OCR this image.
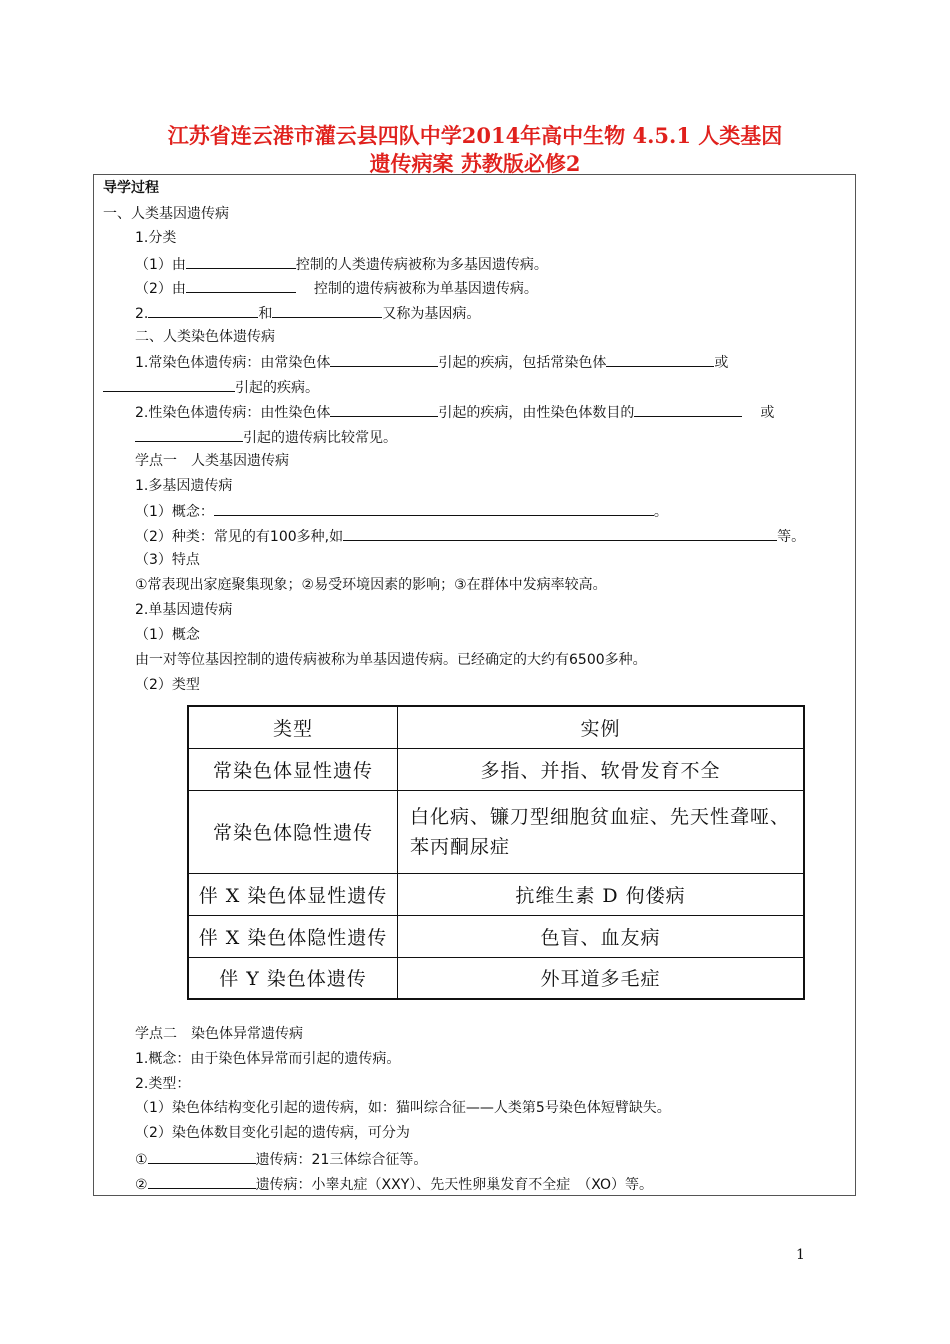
江苏省连云港市灌云县四队中学2014年高中生物 4.5.1 人类基因
遗传病案 苏教版必修2
导学过程
一、人类基因遗传病
1.分类
（1）由	控制的人类遗传病被称为多基因遗传病。
（2）由	控制的遗传病被称为单基因遗传病。
2.	和	又称为基因病。
二、人类染色体遗传病
1.常染色体遗传病：由常染色体	引起的疾病，包括常染色体	或
引起的疾病。
2.性染色体遗传病：由性染色体	引起的疾病，由性染色体数目的	或
引起的遗传病比较常见。
学点一　人类基因遗传病
1.多基因遗传病
（1）概念：	。
（2）种类：常见的有100多种,如	等。
（3）特点
①常表现出家庭聚集现象；②易受环境因素的影响；③在群体中发病率较高。
2.单基因遗传病
（1）概念
由一对等位基因控制的遗传病被称为单基因遗传病。已经确定的大约有6500多种。
（2）类型
类型	实例
常染色体显性遗传	多指、并指、软骨发育不全
常染色体隐性遗传	白化病、镰刀型细胞贫血症、先天性聋哑、苯丙酮尿症
伴 X 染色体显性遗传	抗维生素 D 佝偻病
伴 X 染色体隐性遗传	色盲、血友病
伴 Y 染色体遗传	外耳道多毛症
学点二　染色体异常遗传病
1.概念：由于染色体异常而引起的遗传病。
2.类型：
（1）染色体结构变化引起的遗传病，如：猫叫综合征——人类第5号染色体短臂缺失。
（2）染色体数目变化引起的遗传病，可分为
①	遗传病：21三体综合征等。
②	遗传病：小睾丸症（XXY）、先天性卵巢发育不全症　（XO）等。
1
